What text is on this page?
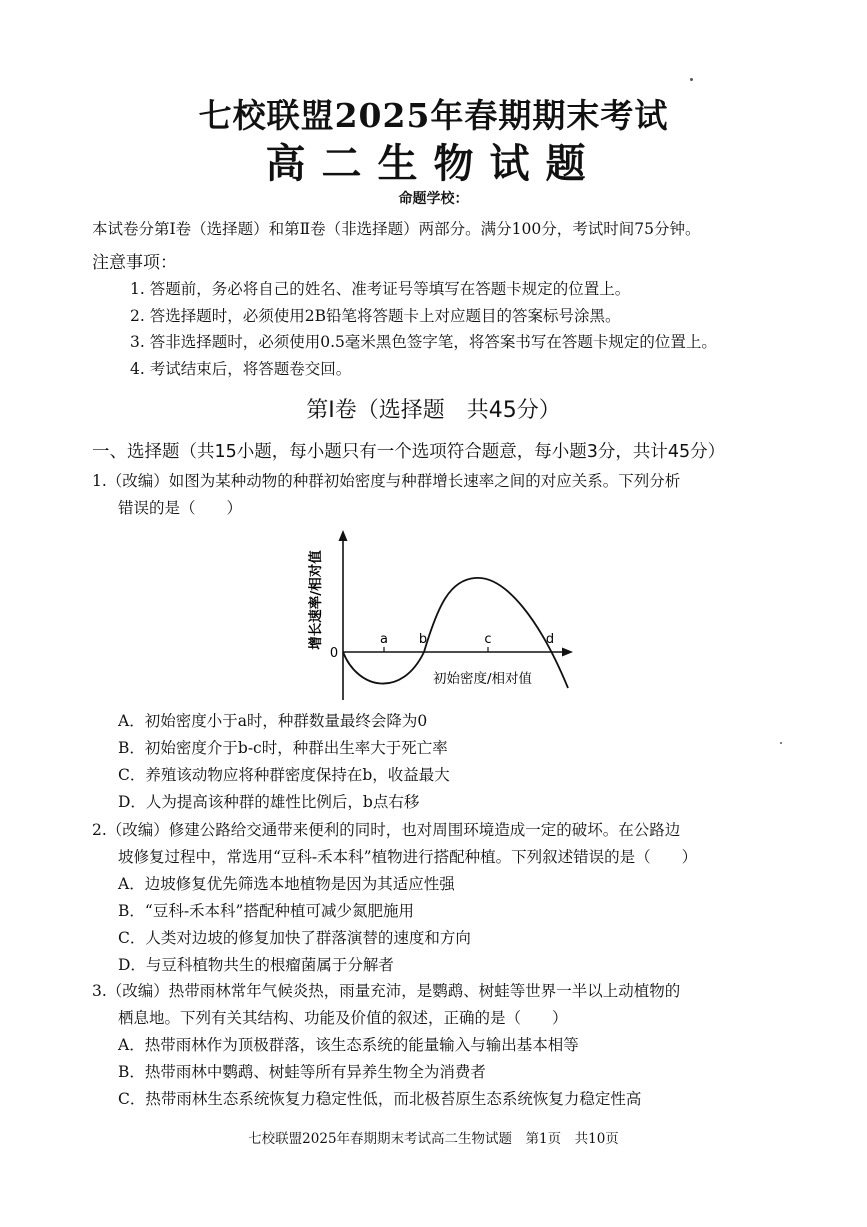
七校联盟2025年春期期末考试
高二生物试题
命题学校：
本试卷分第Ⅰ卷（选择题）和第Ⅱ卷（非选择题）两部分。满分100分，考试时间75分钟。
注意事项：
1. 答题前，务必将自己的姓名、准考证号等填写在答题卡规定的位置上。
2. 答选择题时，必须使用2B铅笔将答题卡上对应题目的答案标号涂黑。
3. 答非选择题时，必须使用0.5毫米黑色签字笔，将答案书写在答题卡规定的位置上。
4. 考试结束后，将答题卷交回。
第Ⅰ卷（选择题　共45分）
一、选择题（共15小题，每小题只有一个选项符合题意，每小题3分，共计45分）
1.（改编）如图为某种动物的种群初始密度与种群增长速率之间的对应关系。下列分析
错误的是（　　）
a b	c	d
0
初始密度/相对值
增长速率/相对值
A．初始密度小于a时，种群数量最终会降为0
B．初始密度介于b-c时，种群出生率大于死亡率
C．养殖该动物应将种群密度保持在b，收益最大
D．人为提高该种群的雄性比例后，b点右移
2.（改编）修建公路给交通带来便利的同时，也对周围环境造成一定的破坏。在公路边
坡修复过程中，常选用“豆科-禾本科”植物进行搭配种植。下列叙述错误的是（　　）
A．边坡修复优先筛选本地植物是因为其适应性强
B．“豆科-禾本科”搭配种植可减少氮肥施用
C．人类对边坡的修复加快了群落演替的速度和方向
D．与豆科植物共生的根瘤菌属于分解者
3.（改编）热带雨林常年气候炎热，雨量充沛，是鹦鹉、树蛙等世界一半以上动植物的
栖息地。下列有关其结构、功能及价值的叙述，正确的是（　　）
A．热带雨林作为顶极群落，该生态系统的能量输入与输出基本相等
B．热带雨林中鹦鹉、树蛙等所有异养生物全为消费者
C．热带雨林生态系统恢复力稳定性低，而北极苔原生态系统恢复力稳定性高
七校联盟2025年春期期末考试高二生物试题　第1页　共10页
